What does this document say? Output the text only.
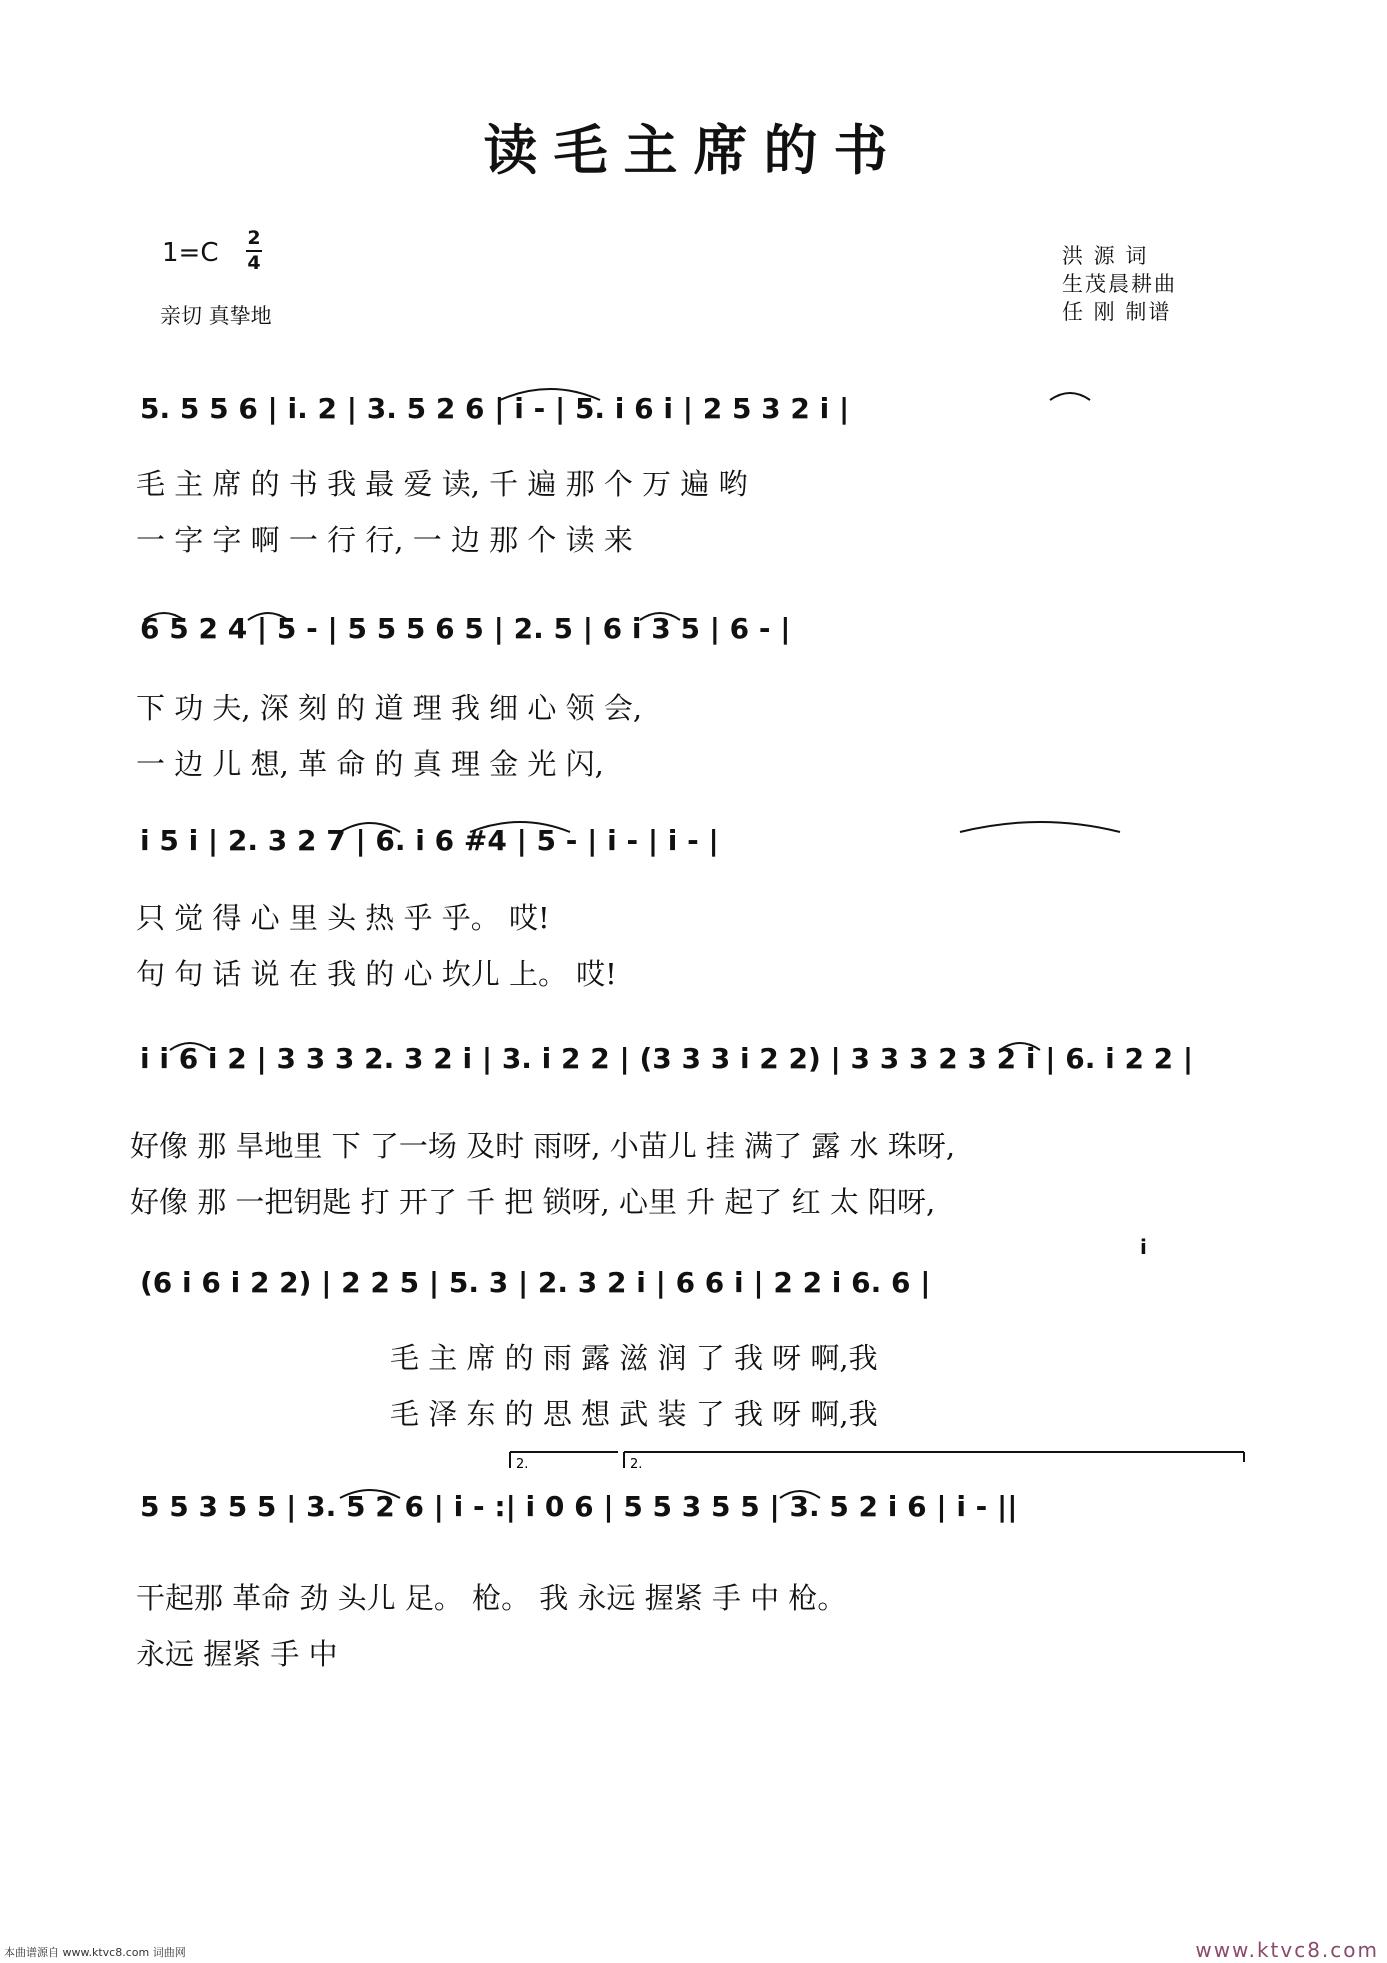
读毛主席的书
1=C 2
4
亲切 真挚地
洪 源 词
生茂晨耕曲
任 刚 制谱
5. 5 5 6 | i. 2 | 3. 5 2 6 | i - | 5. i 6 i | 2 5 3 2 i |
毛 主 席 的 书 我 最 爱 读, 千 遍 那 个 万 遍 哟
一 字 字 啊 一 行 行, 一 边 那 个 读 来
6 5 2 4 | 5 - | 5 5 5 6 5 | 2. 5 | 6 i 3 5 | 6 - |
下 功 夫, 深 刻 的 道 理 我 细 心 领 会,
一 边 儿 想, 革 命 的 真 理 金 光 闪,
i 5 i | 2. 3 2 7 | 6. i 6 #4 | 5 - | i - | i - |
只 觉 得 心 里 头 热 乎 乎。 哎!
句 句 话 说 在 我 的 心 坎儿 上。 哎!
i i 6 i 2 | 3 3 3 2. 3 2 i | 3. i 2 2 | (3 3 3 i 2 2) | 3 3 3 2 3 2 i | 6. i 2 2 |
好像 那 旱地里 下 了一场 及时 雨呀, 小苗儿 挂 满了 露 水 珠呀,
好像 那 一把钥匙 打 开了 千 把 锁呀, 心里 升 起了 红 太 阳呀,
(6 i 6 i 2 2) | 2 2 5 | 5. 3 | 2. 3 2 i | 6 6 i | 2 2 i 6. 6 |
i
毛 主 席 的 雨 露 滋 润 了 我 呀 啊,我
毛 泽 东 的 思 想 武 装 了 我 呀 啊,我
2.	2.
5 5 3 5 5 | 3. 5 2 6 | i - :| i 0 6 | 5 5 3 5 5 | 3. 5 2 i 6 | i - ||
干起那 革命 劲 头儿 足。 枪。 我 永远 握紧 手 中 枪。
永远 握紧 手 中
本曲谱源自 www.ktvc8.com 词曲网	www.ktvc8.com
